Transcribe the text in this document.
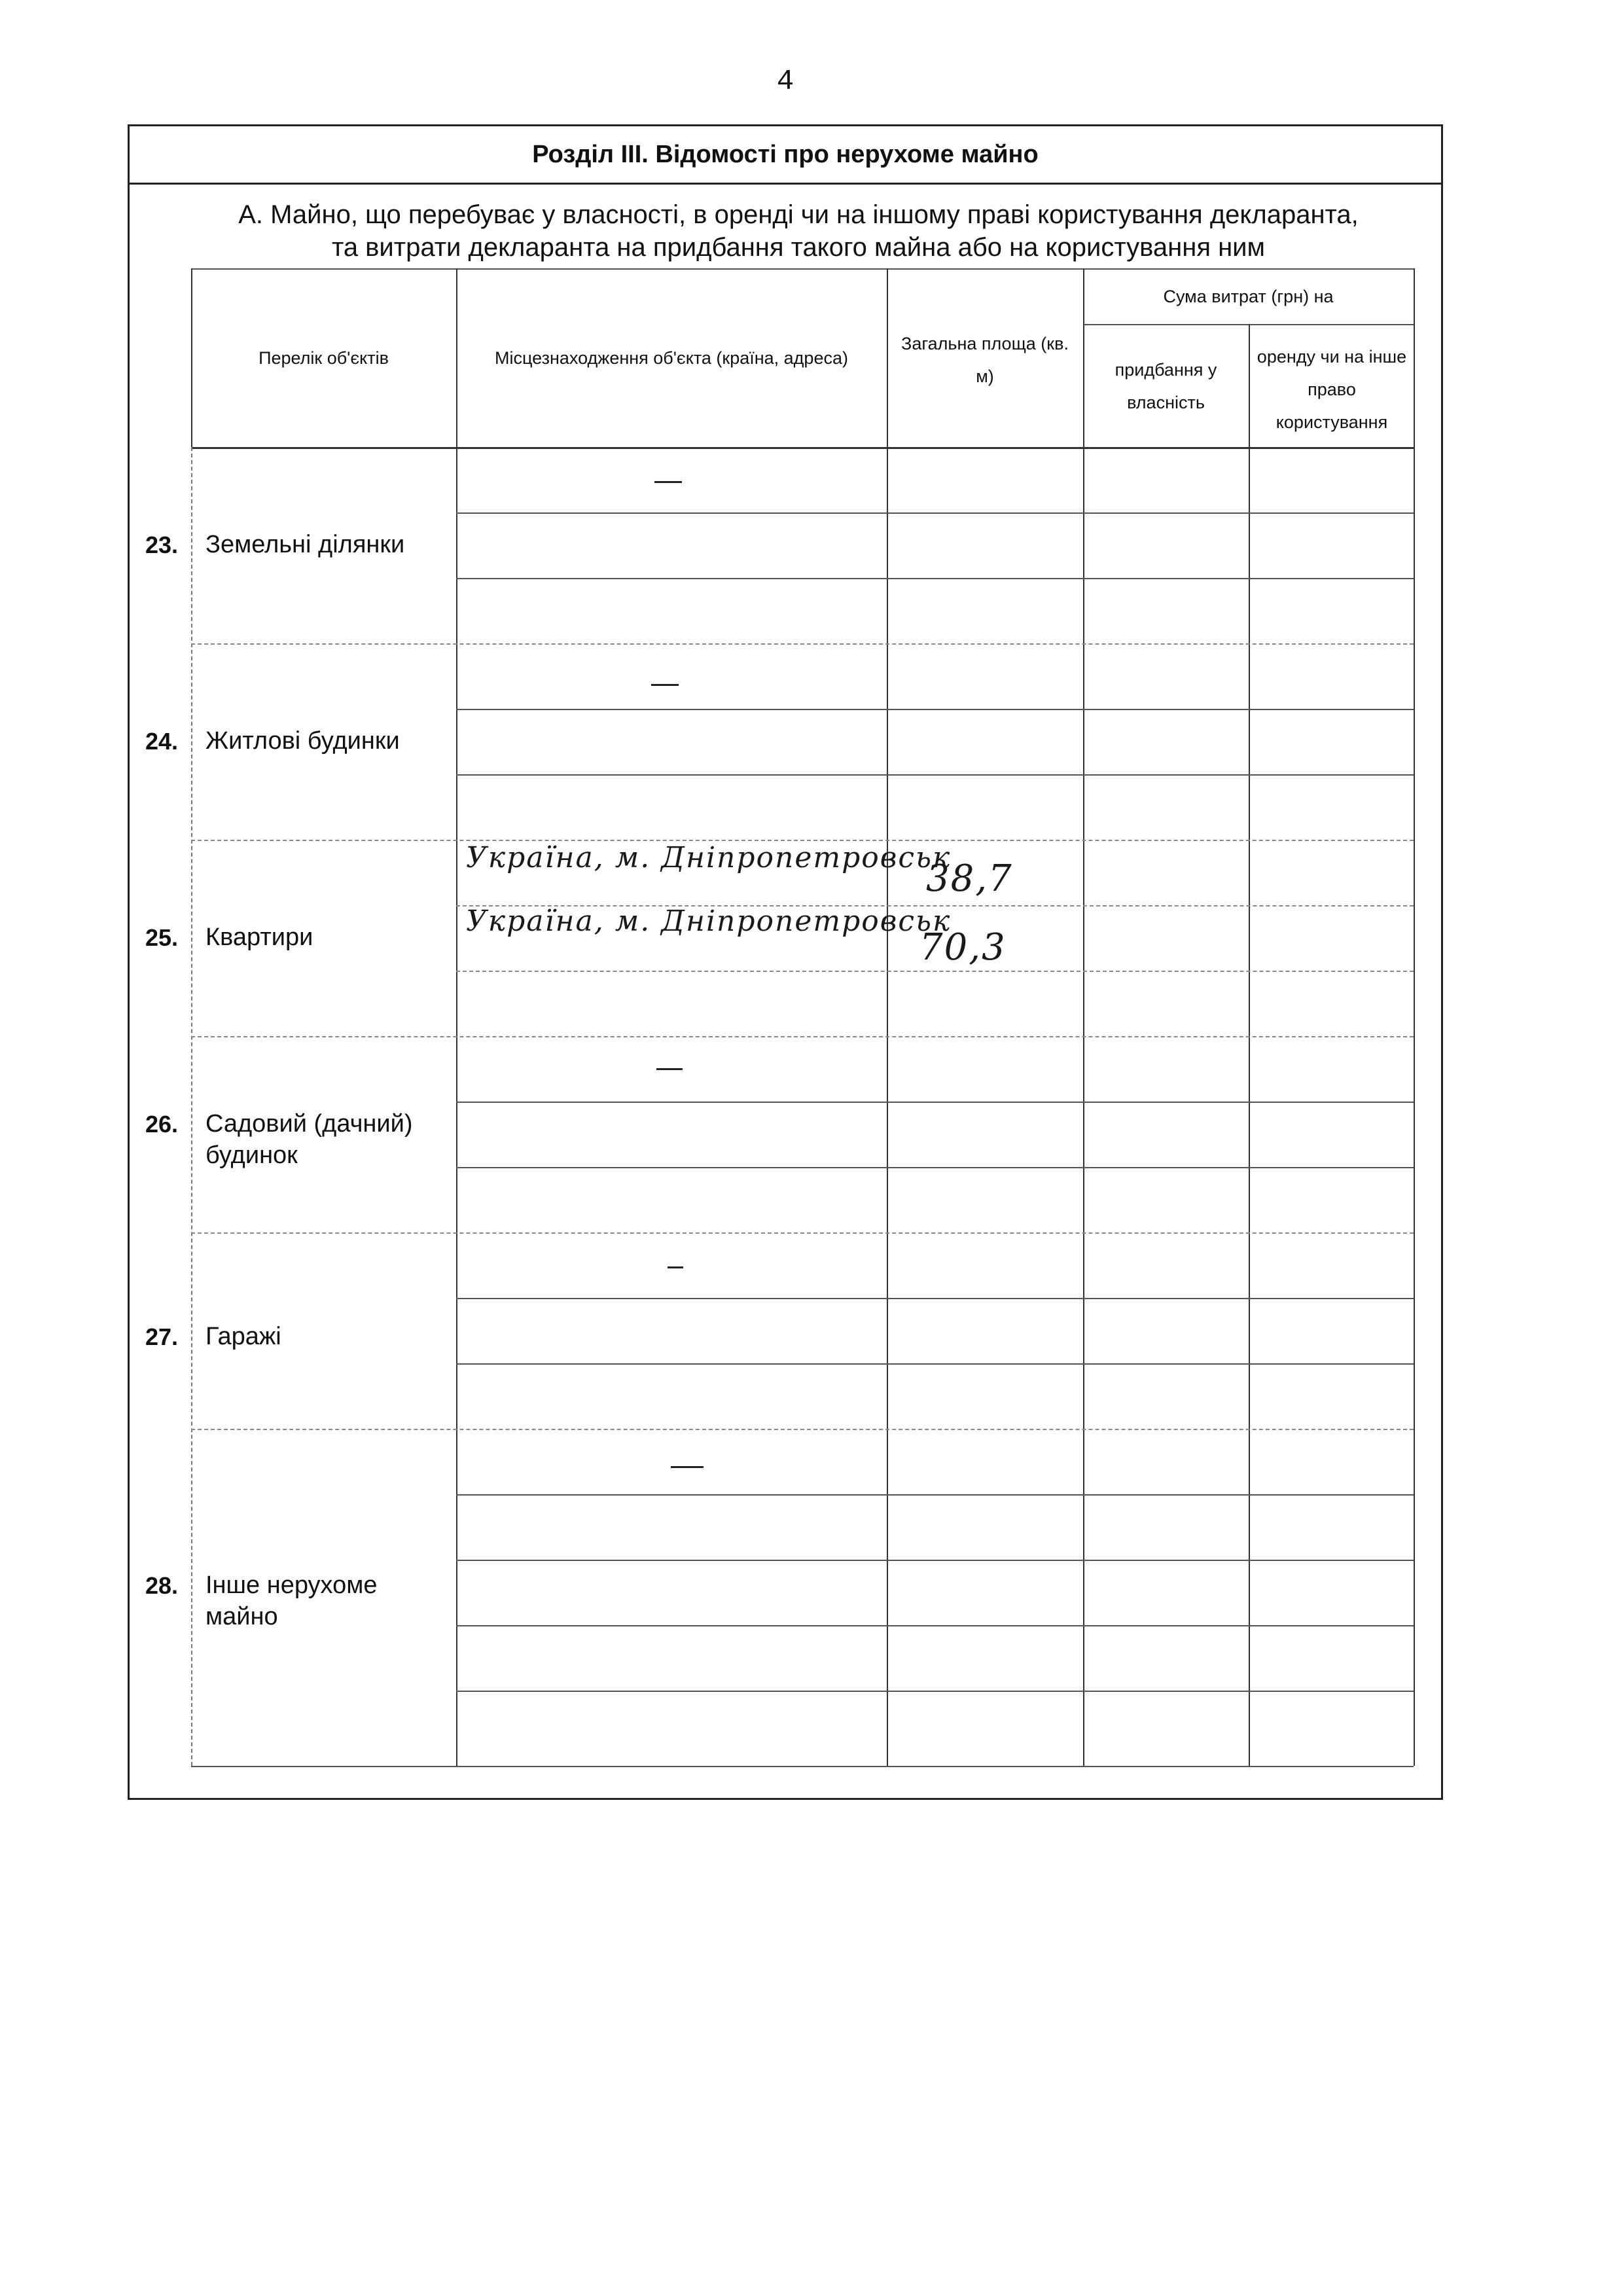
4
Розділ ІІІ. Відомості про нерухоме майно
А. Майно, що перебуває у власності, в оренді чи на іншому праві користування декларанта,
та витрати декларанта на придбання такого майна або на користування ним
Перелік об'єктів	Місцезнаходження об'єкта (країна, адреса)
Загальна площа (кв. м)
Сума витрат (грн) на
придбання у власність
оренду чи на інше право користування
23. Земельні ділянки
24. Житлові будинки
25. Квартири
Україна, м. Дніпропетровськ
38,7
Україна, м. Дніпропетровськ
70,3
26. Садовий (дачний) будинок
27. Гаражі
28. Інше нерухоме майно
